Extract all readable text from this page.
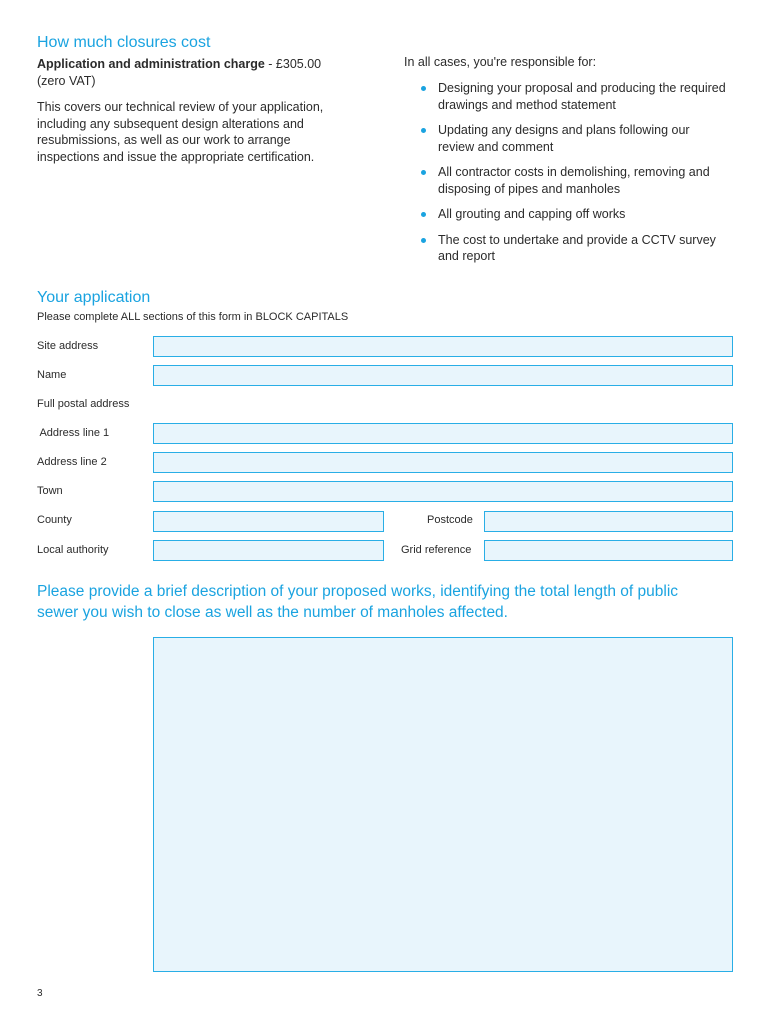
How much closures cost
Application and administration charge - £305.00
(zero VAT)
This covers our technical review of your application, including any subsequent design alterations and resubmissions, as well as our work to arrange inspections and issue the appropriate certification.
In all cases, you're responsible for:
Designing your proposal and producing the required drawings and method statement
Updating any designs and plans following our review and comment
All contractor costs in demolishing, removing and disposing of pipes and manholes
All grouting and capping off works
The cost to undertake and provide a CCTV survey and report
Your application
Please complete ALL sections of this form in BLOCK CAPITALS
Site address
Name
Full postal address
Address line 1
Address line 2
Town
County	Postcode
Local authority	Grid reference
Please provide a brief description of your proposed works, identifying the total length of public sewer you wish to close as well as the number of manholes affected.
3
